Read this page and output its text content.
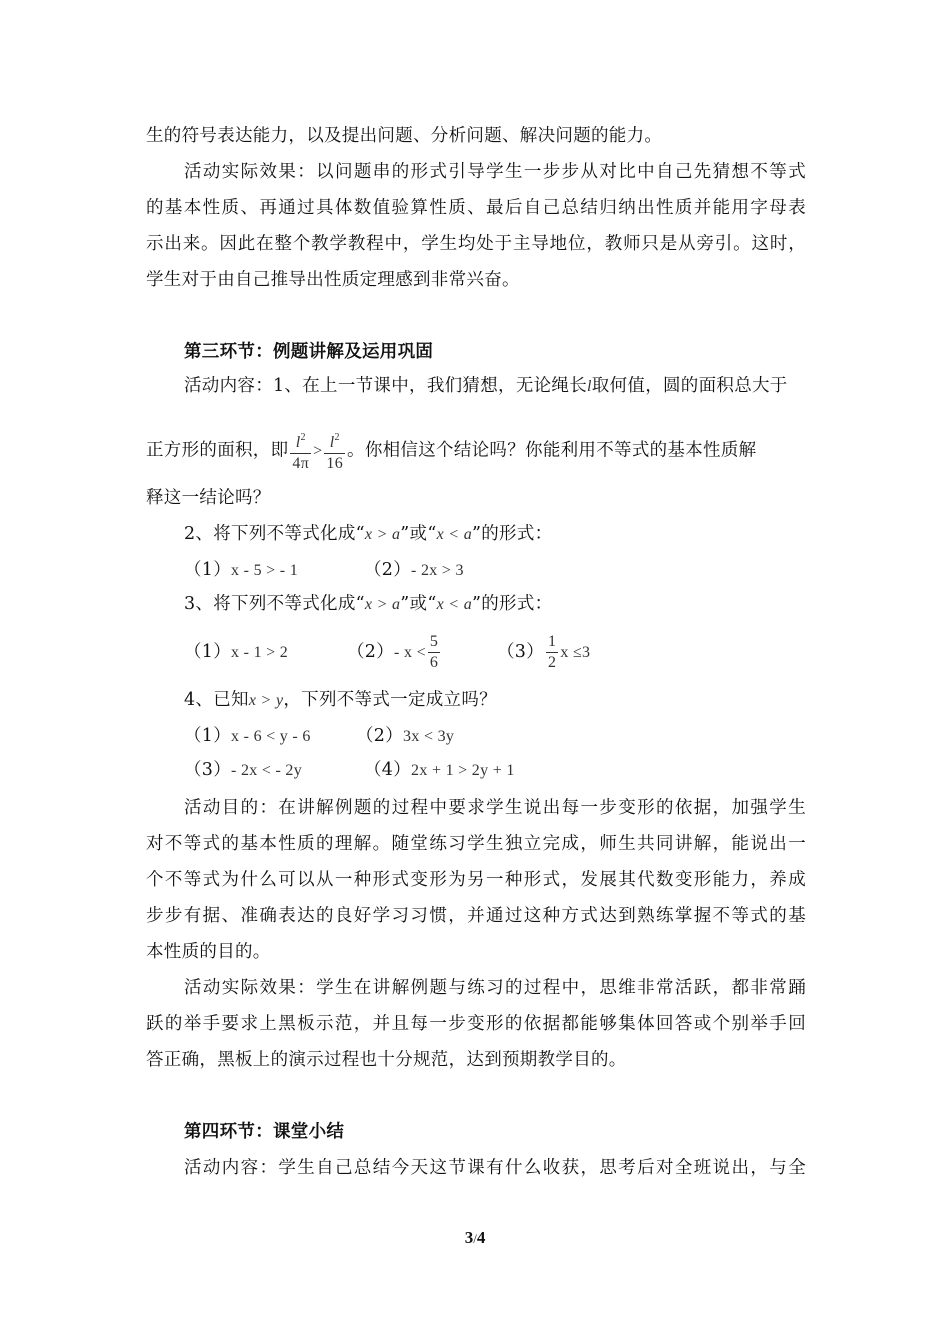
生的符号表达能力，以及提出问题、分析问题、解决问题的能力。
活动实际效果：以问题串的形式引导学生一步步从对比中自己先猜想不等式
的基本性质、再通过具体数值验算性质、最后自己总结归纳出性质并能用字母表
示出来。因此在整个教学教程中，学生均处于主导地位，教师只是从旁引。这时，
学生对于由自己推导出性质定理感到非常兴奋。
第三环节：例题讲解及运用巩固
活动内容：1、在上一节课中，我们猜想，无论绳长l取何值，圆的面积总大于
正方形的面积，即 $\frac{l^2}{4\pi} > \frac{l^2}{16}$ 。你相信这个结论吗？你能利用不等式的基本性质解
释这一结论吗？
2、将下列不等式化成“x > a”或“x < a”的形式：
（1）x - 5 > - 1	（2）- 2x > 3
3、将下列不等式化成“x > a”或“x < a”的形式：
（1）x - 1 > 2	（2）- $x < \frac{5}{6}$	$(3) \frac{1}{2}$ x ≤3
4、已知x > y，下列不等式一定成立吗？
（1）x - 6 < y - 6	（2）3x < 3y
（3）- 2x < - 2y	（4）2x + 1 > 2y + 1
活动目的：在讲解例题的过程中要求学生说出每一步变形的依据，加强学生
对不等式的基本性质的理解。随堂练习学生独立完成，师生共同讲解，能说出一
个不等式为什么可以从一种形式变形为另一种形式，发展其代数变形能力，养成
步步有据、准确表达的良好学习习惯，并通过这种方式达到熟练掌握不等式的基
本性质的目的。
活动实际效果：学生在讲解例题与练习的过程中，思维非常活跃，都非常踊
跃的举手要求上黑板示范，并且每一步变形的依据都能够集体回答或个别举手回
答正确，黑板上的演示过程也十分规范，达到预期教学目的。
第四环节：课堂小结
活动内容：学生自己总结今天这节课有什么收获，思考后对全班说出，与全
3/4
